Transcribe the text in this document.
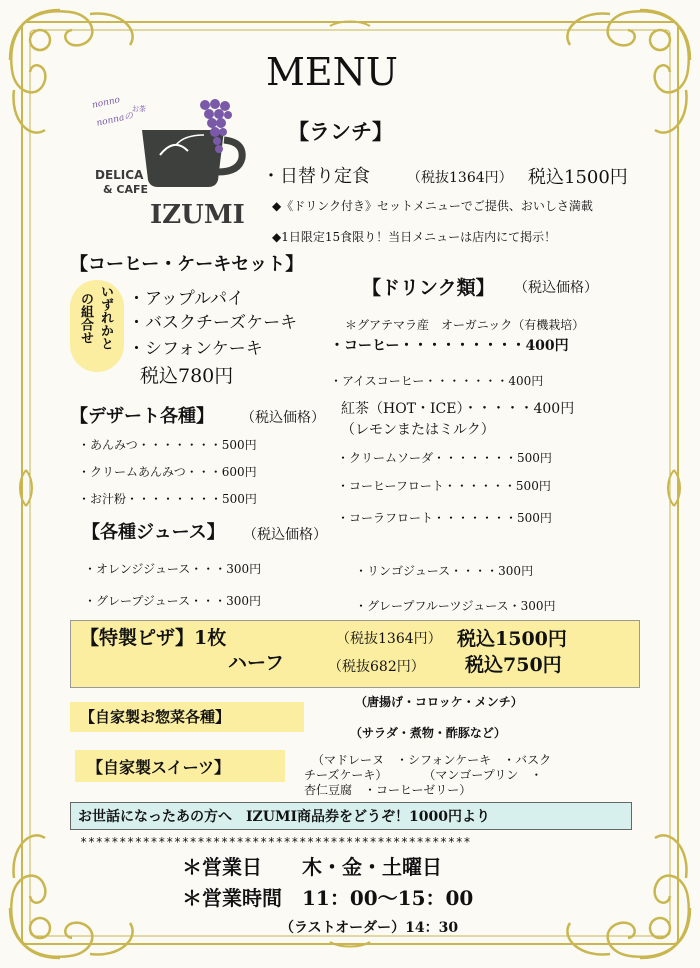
MENU
nonno
nonnaの
お茶
DELICA
& CAFE
IZUMI
【ランチ】
・日替り定食	（税抜1364円） 税込1500円
◆《ドリンク付き》セットメニューでご提供、おいしさ満載
◆1日限定15食限り！当日メニューは店内にて掲示！
【コーヒー・ケーキセット】
いずれかと
の組合せ ・アップルパイ
・バスクチーズケーキ
・シフォンケーキ
税込780円
【ドリンク類】 （税込価格）
＊グアテマラ産　オーガニック（有機栽培）
・コーヒー・・・・・・・・・400円
・アイスコーヒー・・・・・・・400円
紅茶（HOT・ICE）・・・・・400円
（レモンまたはミルク）
・クリームソーダ・・・・・・・500円
・コーヒーフロート・・・・・・500円
・コーラフロート・・・・・・・500円
【デザート各種】 （税込価格）
・あんみつ・・・・・・・500円
・クリームあんみつ・・・600円
・お汁粉・・・・・・・・500円
【各種ジュース】 （税込価格）
・オレンジジュース・・・300円
・グレープジュース・・・300円
・リンゴジュース・・・・300円
・グレープフルーツジュース・300円
【特製ピザ】1枚
ハーフ
（税抜1364円） 税込1500円
（税抜682円） 税込750円
【自家製お惣菜各種】
（唐揚げ・コロッケ・メンチ）
（サラダ・煮物・酢豚など）
【自家製スイーツ】	（マドレーヌ　・シフォンケーキ　・バスク
チーズケーキ）　　　　（マンゴープリン　・
杏仁豆腐　・コーヒーゼリー）
お世話になったあの方へ　IZUMI商品券をどうぞ！1000円より
**************************************************
＊営業日　　木・金・土曜日
＊営業時間　11：00〜15：00
（ラストオーダー）14：30
